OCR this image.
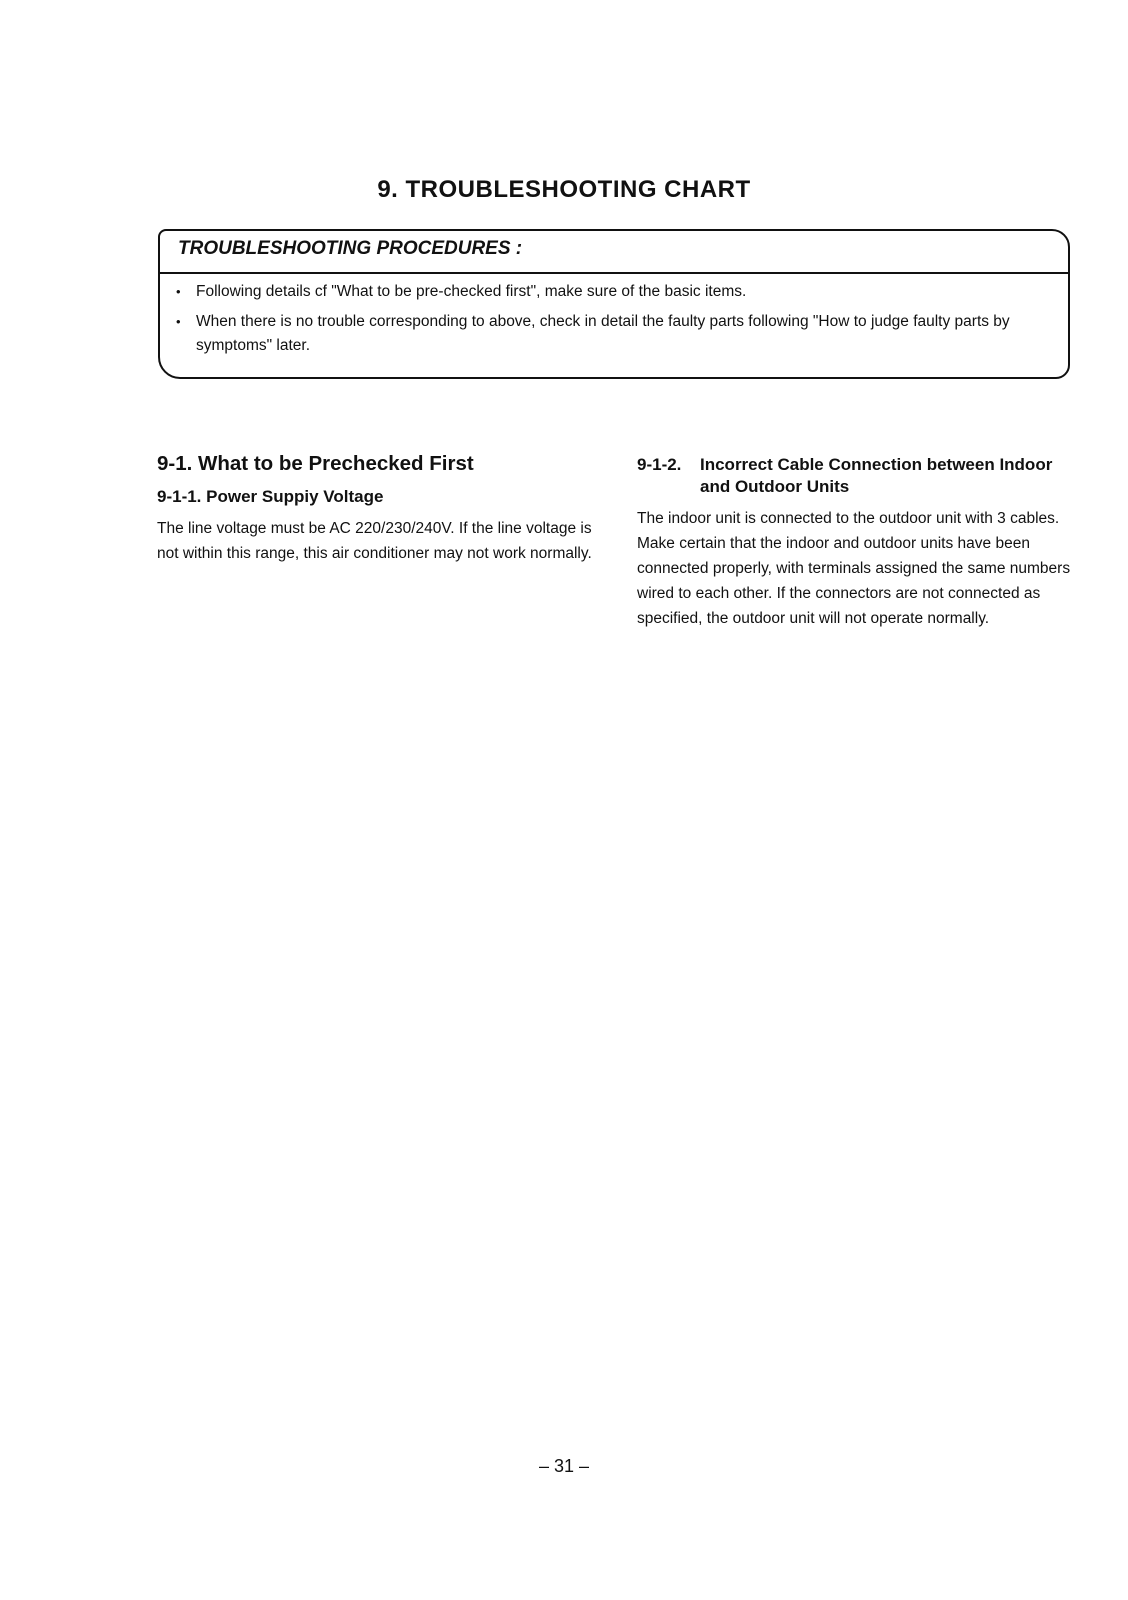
9. TROUBLESHOOTING CHART
TROUBLESHOOTING PROCEDURES :
• Following details cf "What to be pre-checked first", make sure of the basic items.
• When there is no trouble corresponding to above, check in detail the faulty parts following "How to judge faulty parts by symptoms" later.
9-1. What to be Prechecked First
9-1-1. Power Suppiy Voltage

The line voltage must be AC 220/230/240V. If the line voltage is not within this range, this air conditioner may not work normally.

9-1-2.	Incorrect Cable Connection between Indoor and Outdoor Units

The indoor unit is connected to the outdoor unit with 3 cables. Make certain that the indoor and outdoor units have been connected properly, with terminals assigned the same numbers wired to each other. If the connectors are not connected as specified, the outdoor unit will not operate normally.

– 31 –
